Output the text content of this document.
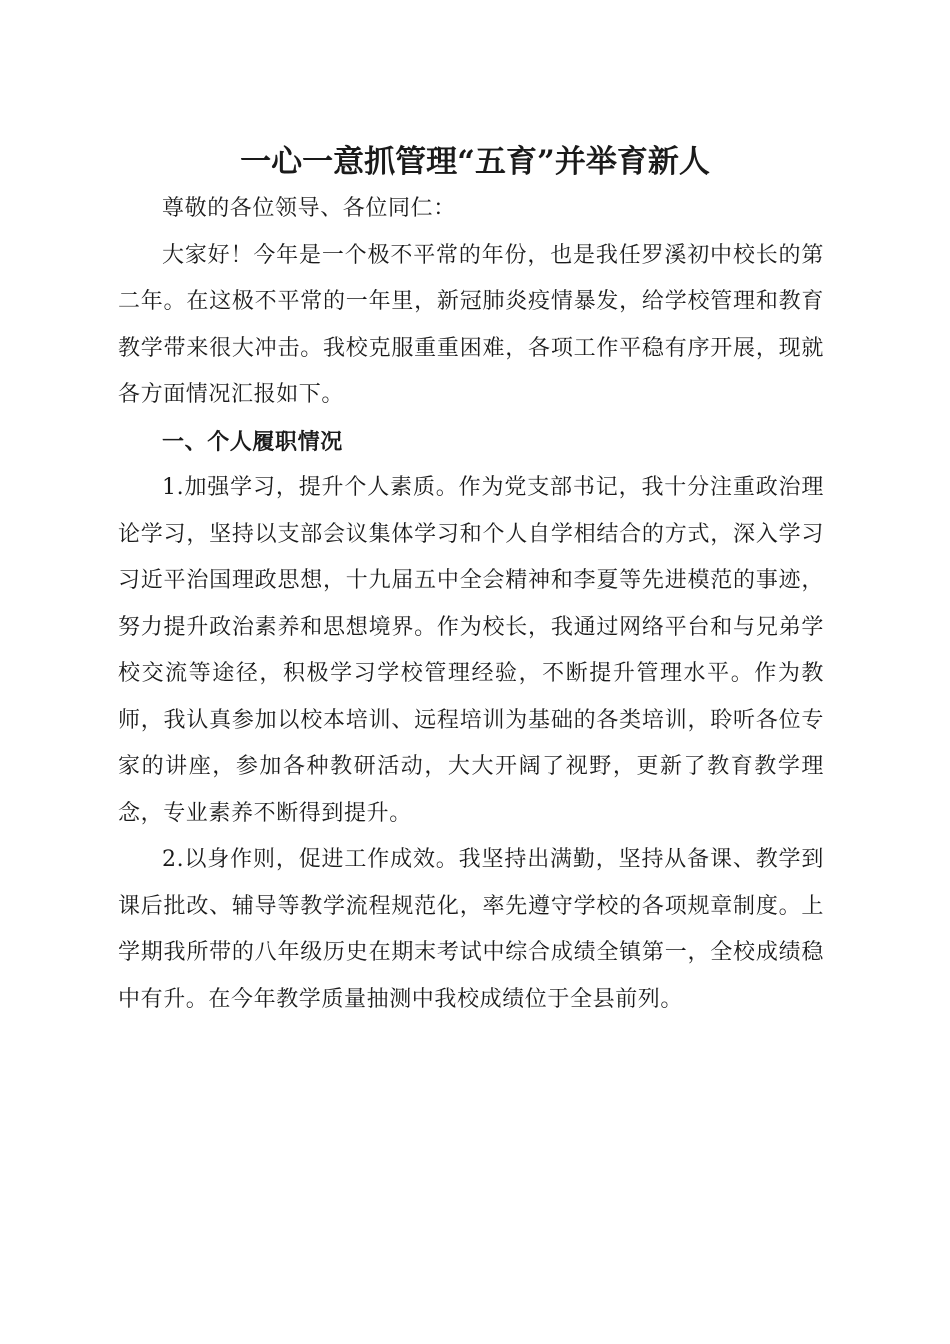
一心一意抓管理“五育”并举育新人

尊敬的各位领导、各位同仁：

大家好！今年是一个极不平常的年份，也是我任罗溪初中校长的第二年。在这极不平常的一年里，新冠肺炎疫情暴发，给学校管理和教育教学带来很大冲击。我校克服重重困难，各项工作平稳有序开展，现就各方面情况汇报如下。

一、个人履职情况

1.加强学习，提升个人素质。作为党支部书记，我十分注重政治理论学习，坚持以支部会议集体学习和个人自学相结合的方式，深入学习习近平治国理政思想，十九届五中全会精神和李夏等先进模范的事迹，努力提升政治素养和思想境界。作为校长，我通过网络平台和与兄弟学校交流等途径，积极学习学校管理经验，不断提升管理水平。作为教师，我认真参加以校本培训、远程培训为基础的各类培训，聆听各位专家的讲座，参加各种教研活动，大大开阔了视野，更新了教育教学理念，专业素养不断得到提升。

2.以身作则，促进工作成效。我坚持出满勤，坚持从备课、教学到课后批改、辅导等教学流程规范化，率先遵守学校的各项规章制度。上学期我所带的八年级历史在期末考试中综合成绩全镇第一，全校成绩稳中有升。在今年教学质量抽测中我校成绩位于全县前列。
